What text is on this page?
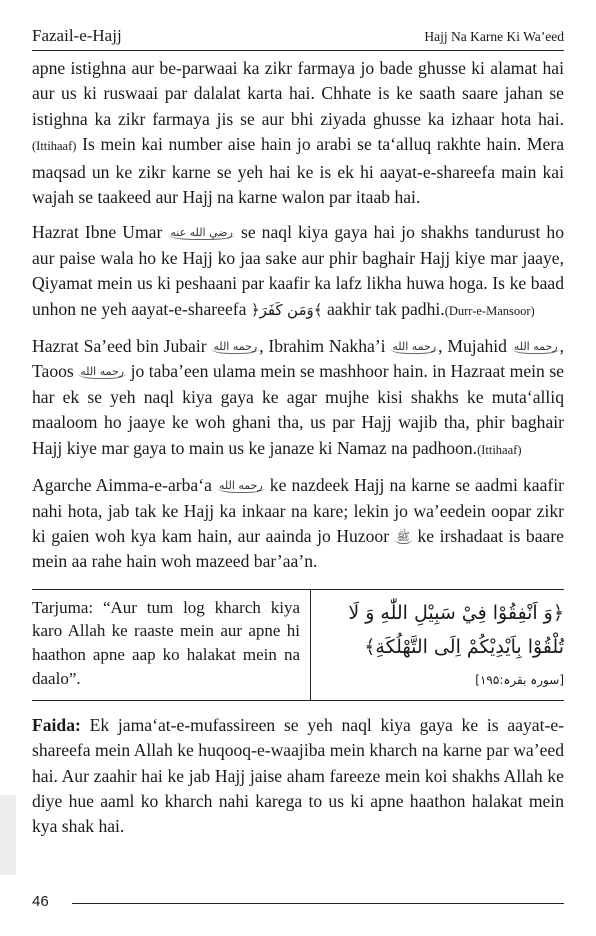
Fazail-e-Hajj	Hajj Na Karne Ki Wa’eed

apne istighna aur be-parwaai ka zikr farmaya jo bade ghusse ki alamat hai aur us ki ruswaai par dalalat karta hai. Chhate is ke saath saare jahan se istighna ka zikr farmaya jis se aur bhi ziyada ghusse ka izhaar hota hai.(Ittihaaf) Is mein kai number aise hain jo arabi se ta‘alluq rakhte hain. Mera maqsad un ke zikr karne se yeh hai ke is ek hi aayat-e-shareefa main kai wajah se taakeed aur Hajj na karne walon par itaab hai.

Hazrat Ibne Umar رضي الله عنه se naql kiya gaya hai jo shakhs tandurust ho aur paise wala ho ke Hajj ko jaa sake aur phir baghair Hajj kiye mar jaaye, Qiyamat mein us ki peshaani par kaafir ka lafz likha huwa hoga. Is ke baad unhon ne yeh aayat-e-shareefa ﴿وَمَن كَفَرَ﴾ aakhir tak padhi.(Durr-e-Mansoor)

Hazrat Sa’eed bin Jubair رحمه الله , Ibrahim Nakha’i رحمه الله , Mujahid رحمه الله , Taoos رحمه الله jo taba’een ulama mein se mashhoor hain. in Hazraat mein se har ek se yeh naql kiya gaya ke agar mujhe kisi shakhs ke muta‘alliq maaloom ho jaaye ke woh ghani tha, us par Hajj wajib tha, phir baghair Hajj kiye mar gaya to main us ke janaze ki Namaz na padhoon.(Ittihaaf)

Agarche Aimma-e-arba‘a رحمه الله ke nazdeek Hajj na karne se aadmi kaafir nahi hota, jab tak ke Hajj ka inkaar na kare; lekin jo wa’eedein oopar zikr ki gaien woh kya kam hain, aur aainda jo Huzoor ﷺ ke irshadaat is baare mein aa rahe hain woh mazeed bar’aa’n.

Tarjuma: “Aur tum log kharch kiya karo Allah ke raaste mein aur apne hi haathon apne aap ko halakat mein na daalo”.
﴿وَ اَنْفِقُوْا فِيْ سَبِيْلِ اللّٰهِ وَ لَا تُلْقُوْا بِاَيْدِيْكُمْ اِلَى التَّهْلُكَةِ﴾
[سورہ بقرہ:۱۹۵]

Faida: Ek jama‘at-e-mufassireen se yeh naql kiya gaya ke is aayat-e-shareefa mein Allah ke huqooq-e-waajiba mein kharch na karne par wa’eed hai. Aur zaahir hai ke jab Hajj jaise aham fareeze mein koi shakhs Allah ke diye hue aaml ko kharch nahi karega to us ki apne haathon halakat mein kya shak hai.

46
